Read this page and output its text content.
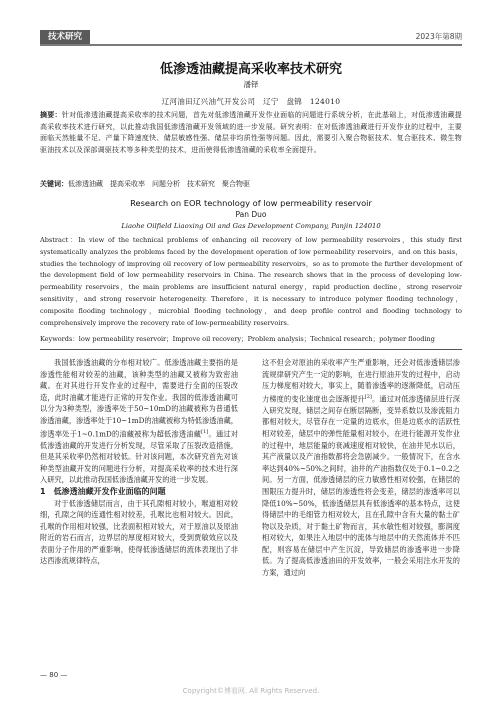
技术研究	2023年第8期
低渗透油藏提高采收率技术研究
潘铎
辽河油田辽兴油气开发公司　辽宁　盘锦　124010
摘要：针对低渗透油藏提高采收率的技术问题，首先对低渗透油藏开发作业面临的问题进行系统分析，在此基础上，对低渗透油藏提高采收率技术进行研究，以此推动我国低渗透油藏开发领域的进一步发展。研究表明：在对低渗透油藏进行开发作业的过程中，主要面临天然能量不足、产量下降速度快、储层敏感性强、储层非均质性强等问题。因此，需要引入聚合物驱技术、复合驱技术、微生物驱油技术以及深部调驱技术等多种类型的技术，进而使得低渗透油藏的采收率全面提升。
关键词：低渗透油藏　提高采收率　问题分析　技术研究　聚合物驱
Research on EOR technology of low permeability reservoir
Pan Duo
Liaohe Oilfield Liaoxing Oil and Gas Development Company, Panjin 124010
Abstract：In view of the technical problems of enhancing oil recovery of low permeability reservoirs，this study first systematically analyzes the problems faced by the development operation of low permeability reservoirs，and on this basis，studies the technology of improving oil recovery of low permeability reservoirs，so as to promote the further development of the development field of low permeability reservoirs in China. The research shows that in the process of developing low-permeability reservoirs，the main problems are insufficient natural energy，rapid production decline，strong reservoir sensitivity，and strong reservoir heterogeneity. Therefore，it is necessary to introduce polymer flooding technology，composite flooding technology，microbial flooding technology，and deep profile control and flooding technology to comprehensively improve the recovery rate of low-permeability reservoirs.
Keywords：low permeability reservoir；Improve oil recovery；Problem analysis；Technical research；polymer flooding

我国低渗透油藏的分布相对较广。低渗透油藏主要指的是渗透性能相对较差的油藏，该种类型的油藏又被称为致密油藏。在对其进行开发作业的过程中，需要进行全面的压裂改造，此时油藏才能进行正常的开发作业。我国的低渗透油藏可以分为3种类型，渗透率处于50~10mD的油藏被称为普通低渗透油藏，渗透率处于10~1mD的油藏被称为特低渗透油藏，渗透率处于1~0.1mD的油藏被称为超低渗透油藏[1]。通过对低渗透油藏的开发进行分析发现，尽管采取了压裂改造措施，但是其采收率仍然相对较低。针对该问题，本次研究首先对该种类型油藏开发的问题进行分析，对提高采收率的技术进行深入研究，以此推动我国低渗透油藏开发的进一步发展。

1　低渗透油藏开发作业面临的问题

对于低渗透储层而言，由于其孔隙相对较小，喉道相对较细，孔隙之间的连通性相对较差，孔喉比也相对较大。因此，孔喉的作用相对较强，比表面积相对较大，对于原油以及原油附近的岩石而言，边界层的厚度相对较大，受到贾敏效应以及表面分子作用的严重影响，使得低渗透储层的流体表现出了非达西渗流规律特点，

这不但会对原油的采收率产生严重影响，还会对低渗透储层渗流规律研究产生一定的影响，在进行原油开发的过程中，启动压力梯度相对较大，事实上，随着渗透率的逐渐降低，启动压力梯度的变化速度也会逐渐提升[2]。通过对低渗透储层进行深入研究发现，储层之间存在断层隔断，变异系数以及渗流阻力都相对较大，尽管存在一定量的边底水，但是边底水的活跃性相对较差，储层中的弹性能量相对较小，在进行能源开发作业的过程中，地层能量的衰减速度相对较快，在油井见水以后，其产液量以及产油指数都将会急剧减少。一般情况下，在含水率达到40%~50%之间时，油井的产油指数仅处于0.1~0.2之间。另一方面，低渗透储层的应力敏感性相对较强，在储层的围限压力提升时，储层的渗透性将会变差，储层的渗透率可以降低10%~50%，低渗透储层具有低渗透率的基本特点，这使得储层中的毛细管力相对较大，且在孔隙中含有大量的黏土矿物以及杂质，对于黏土矿物而言，其水敏性相对较强，膨润度相对较大，如果注入地层中的流体与地层中的天然流体并不匹配，则容易在储层中产生沉淀，导致储层的渗透率进一步降低。为了提高低渗透油田的开发效率，一般会采用注水开发的方案，通过向

— 80 —
Copyright©博看网. All Rights Reserved.
